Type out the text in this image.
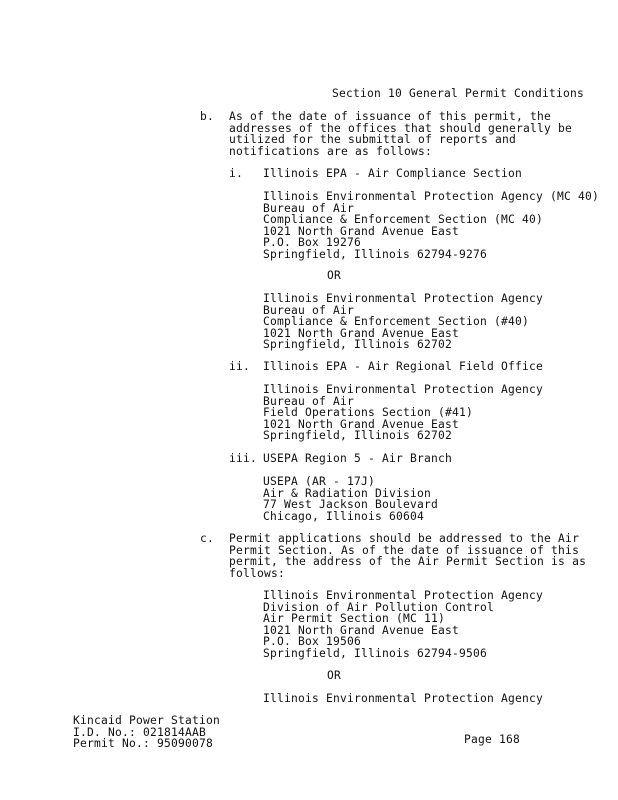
Section 10 General Permit Conditions
b. As of the date of issuance of this permit, the
addresses of the offices that should generally be
utilized for the submittal of reports and
notifications are as follows:
i. Illinois EPA - Air Compliance Section
Illinois Environmental Protection Agency (MC 40)
Bureau of Air
Compliance & Enforcement Section (MC 40)
1021 North Grand Avenue East
P.O. Box 19276
Springfield, Illinois 62794-9276
OR
Illinois Environmental Protection Agency
Bureau of Air
Compliance & Enforcement Section (#40)
1021 North Grand Avenue East
Springfield, Illinois 62702
ii. Illinois EPA - Air Regional Field Office
Illinois Environmental Protection Agency
Bureau of Air
Field Operations Section (#41)
1021 North Grand Avenue East
Springfield, Illinois 62702
iii. USEPA Region 5 - Air Branch
USEPA (AR - 17J)
Air & Radiation Division
77 West Jackson Boulevard
Chicago, Illinois 60604
c. Permit applications should be addressed to the Air
Permit Section. As of the date of issuance of this
permit, the address of the Air Permit Section is as
follows:
Illinois Environmental Protection Agency
Division of Air Pollution Control
Air Permit Section (MC 11)
1021 North Grand Avenue East
P.O. Box 19506
Springfield, Illinois 62794-9506
OR
Illinois Environmental Protection Agency
Kincaid Power Station
I.D. No.: 021814AAB
Permit No.: 95090078	Page 168
